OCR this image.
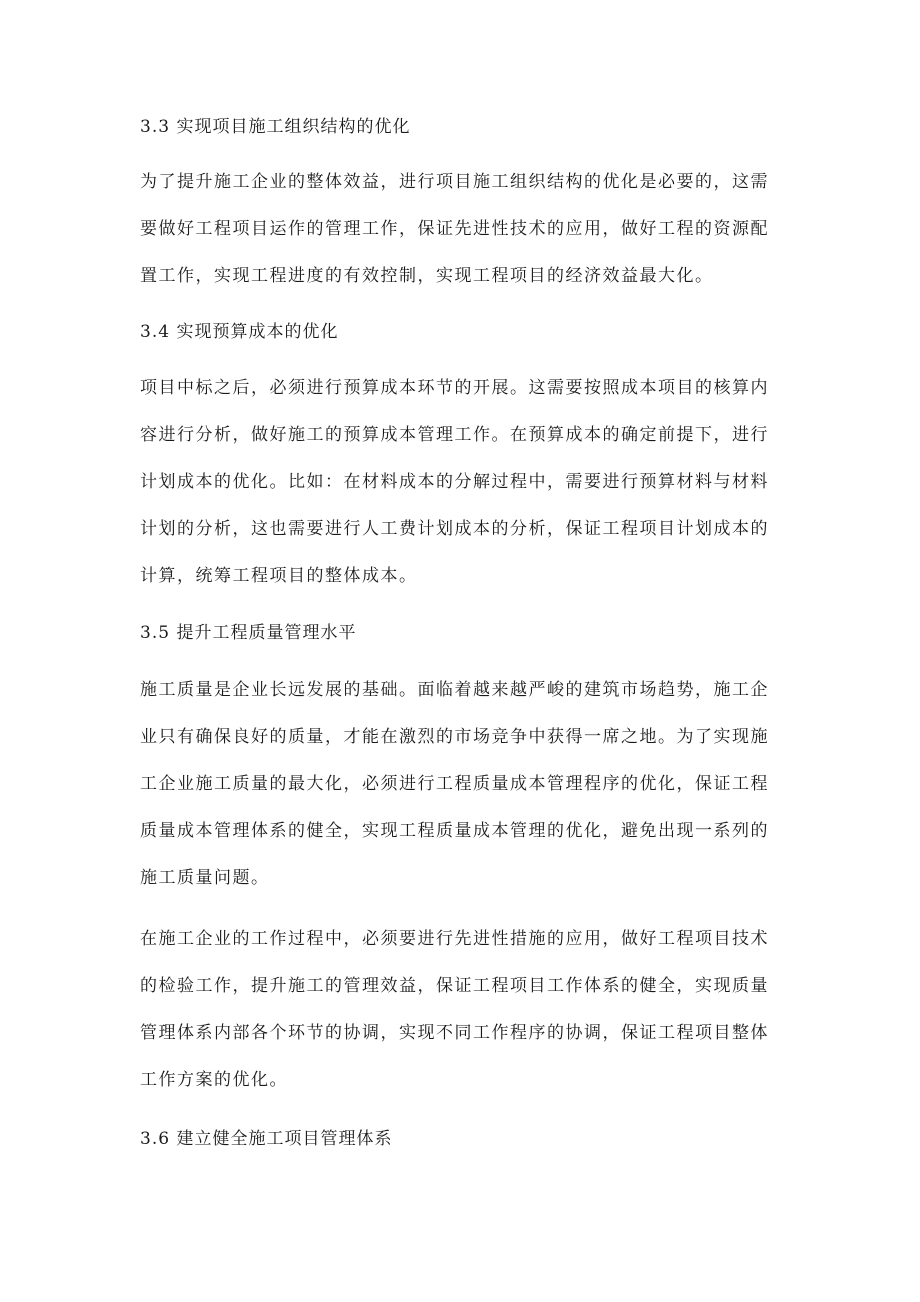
3.3 实现项目施工组织结构的优化
为了提升施工企业的整体效益，进行项目施工组织结构的优化是必要的，这需
要做好工程项目运作的管理工作，保证先进性技术的应用，做好工程的资源配
置工作，实现工程进度的有效控制，实现工程项目的经济效益最大化。
3.4 实现预算成本的优化
项目中标之后，必须进行预算成本环节的开展。这需要按照成本项目的核算内
容进行分析，做好施工的预算成本管理工作。在预算成本的确定前提下，进行
计划成本的优化。比如：在材料成本的分解过程中，需要进行预算材料与材料
计划的分析，这也需要进行人工费计划成本的分析，保证工程项目计划成本的
计算，统筹工程项目的整体成本。
3.5 提升工程质量管理水平
施工质量是企业长远发展的基础。面临着越来越严峻的建筑市场趋势，施工企
业只有确保良好的质量，才能在激烈的市场竞争中获得一席之地。为了实现施
工企业施工质量的最大化，必须进行工程质量成本管理程序的优化，保证工程
质量成本管理体系的健全，实现工程质量成本管理的优化，避免出现一系列的
施工质量问题。
在施工企业的工作过程中，必须要进行先进性措施的应用，做好工程项目技术
的检验工作，提升施工的管理效益，保证工程项目工作体系的健全，实现质量
管理体系内部各个环节的协调，实现不同工作程序的协调，保证工程项目整体
工作方案的优化。
3.6 建立健全施工项目管理体系
